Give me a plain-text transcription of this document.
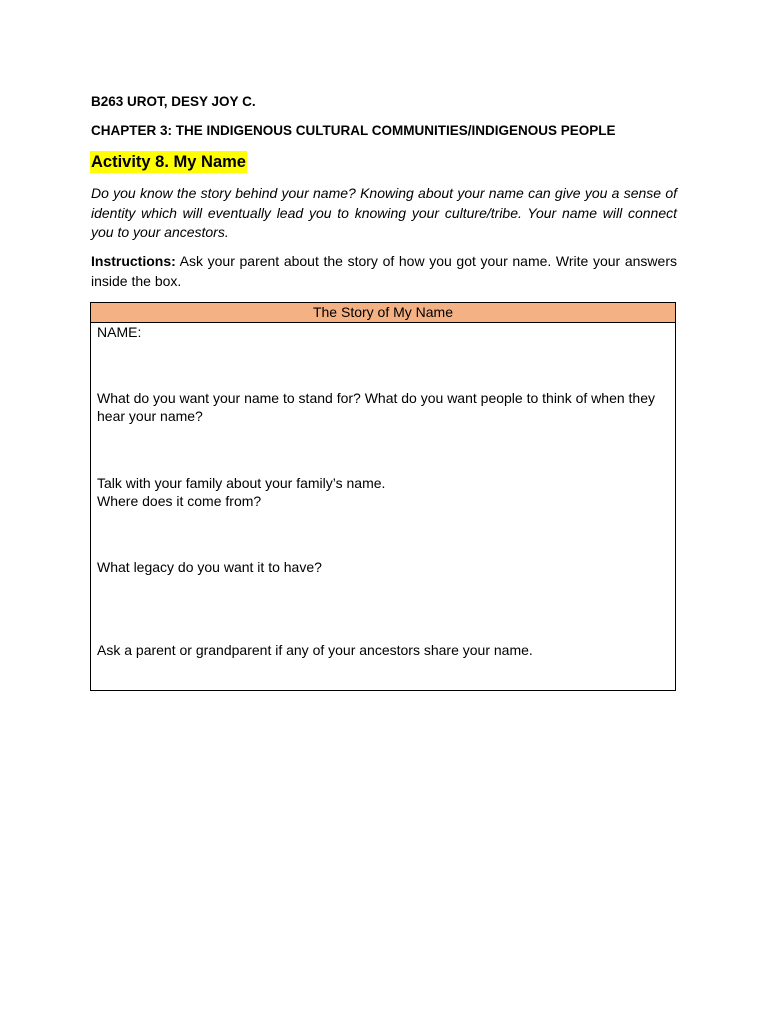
B263 UROT, DESY JOY C.
CHAPTER 3: THE INDIGENOUS CULTURAL COMMUNITIES/INDIGENOUS PEOPLE
Activity 8. My Name
Do you know the story behind your name? Knowing about your name can give you a sense of identity which will eventually lead you to knowing your culture/tribe. Your name will connect you to your ancestors.
Instructions: Ask your parent about the story of how you got your name. Write your answers inside the box.
The Story of My Name
NAME:
What do you want your name to stand for? What do you want people to think of when they hear your name?
Talk with your family about your family’s name.
Where does it come from?
What legacy do you want it to have?
Ask a parent or grandparent if any of your ancestors share your name.
